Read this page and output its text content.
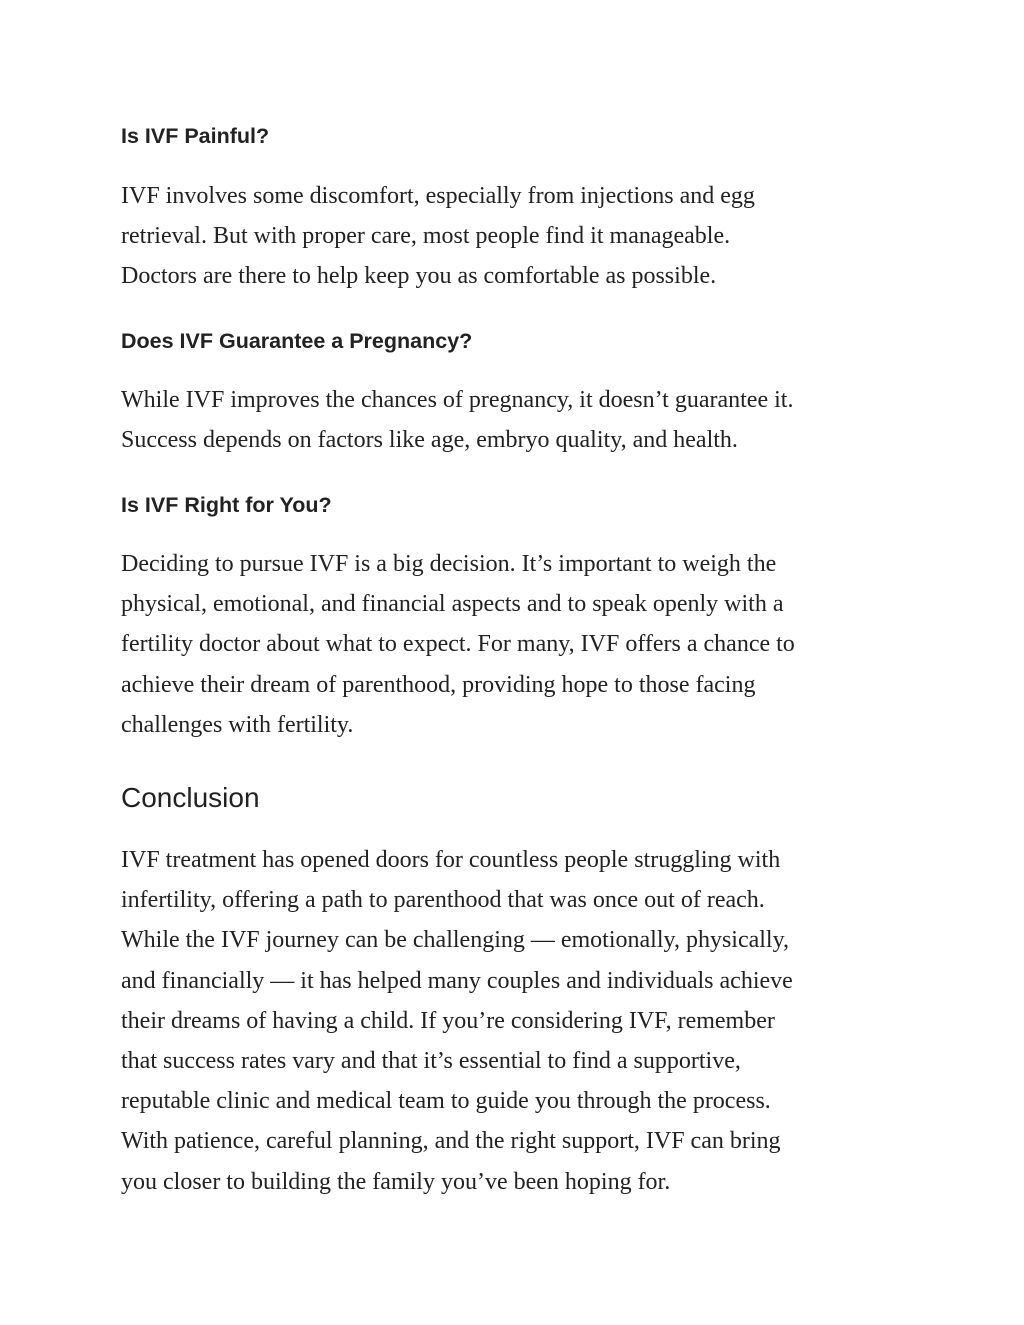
Is IVF Painful?

IVF involves some discomfort, especially from injections and egg
retrieval. But with proper care, most people find it manageable.
Doctors are there to help keep you as comfortable as possible.

Does IVF Guarantee a Pregnancy?

While IVF improves the chances of pregnancy, it doesn’t guarantee it.
Success depends on factors like age, embryo quality, and health.

Is IVF Right for You?

Deciding to pursue IVF is a big decision. It’s important to weigh the
physical, emotional, and financial aspects and to speak openly with a
fertility doctor about what to expect. For many, IVF offers a chance to
achieve their dream of parenthood, providing hope to those facing
challenges with fertility.

Conclusion

IVF treatment has opened doors for countless people struggling with
infertility, offering a path to parenthood that was once out of reach.
While the IVF journey can be challenging — emotionally, physically,
and financially — it has helped many couples and individuals achieve
their dreams of having a child. If you’re considering IVF, remember
that success rates vary and that it’s essential to find a supportive,
reputable clinic and medical team to guide you through the process.
With patience, careful planning, and the right support, IVF can bring
you closer to building the family you’ve been hoping for.
